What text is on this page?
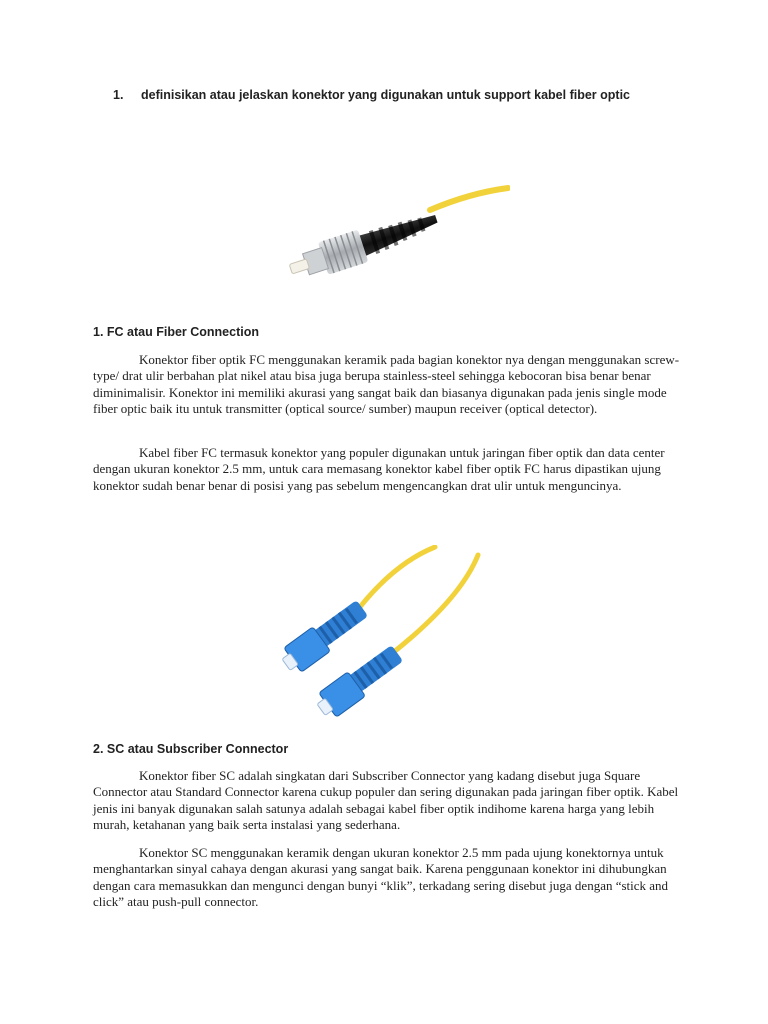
1. definisikan atau jelaskan konektor yang digunakan untuk support kabel fiber optic
1. FC atau Fiber Connection

Konektor fiber optik FC menggunakan keramik pada bagian konektor nya dengan menggunakan screw-type/ drat ulir berbahan plat nikel atau bisa juga berupa stainless-steel sehingga kebocoran bisa benar benar diminimalisir. Konektor ini memiliki akurasi yang sangat baik dan biasanya digunakan pada jenis single mode fiber optic baik itu untuk transmitter (optical source/ sumber) maupun receiver (optical detector).

Kabel fiber FC termasuk konektor yang populer digunakan untuk jaringan fiber optik dan data center dengan ukuran konektor 2.5 mm, untuk cara memasang konektor kabel fiber optik FC harus dipastikan ujung konektor sudah benar benar di posisi yang pas sebelum mengencangkan drat ulir untuk menguncinya.

2. SC atau Subscriber Connector

Konektor fiber SC adalah singkatan dari Subscriber Connector yang kadang disebut juga Square Connector atau Standard Connector karena cukup populer dan sering digunakan pada jaringan fiber optik. Kabel jenis ini banyak digunakan salah satunya adalah sebagai kabel fiber optik indihome karena harga yang lebih murah, ketahanan yang baik serta instalasi yang sederhana.

Konektor SC menggunakan keramik dengan ukuran konektor 2.5 mm pada ujung konektornya untuk menghantarkan sinyal cahaya dengan akurasi yang sangat baik. Karena penggunaan konektor ini dihubungkan dengan cara memasukkan dan mengunci dengan bunyi “klik”, terkadang sering disebut juga dengan “stick and click” atau push-pull connector.
